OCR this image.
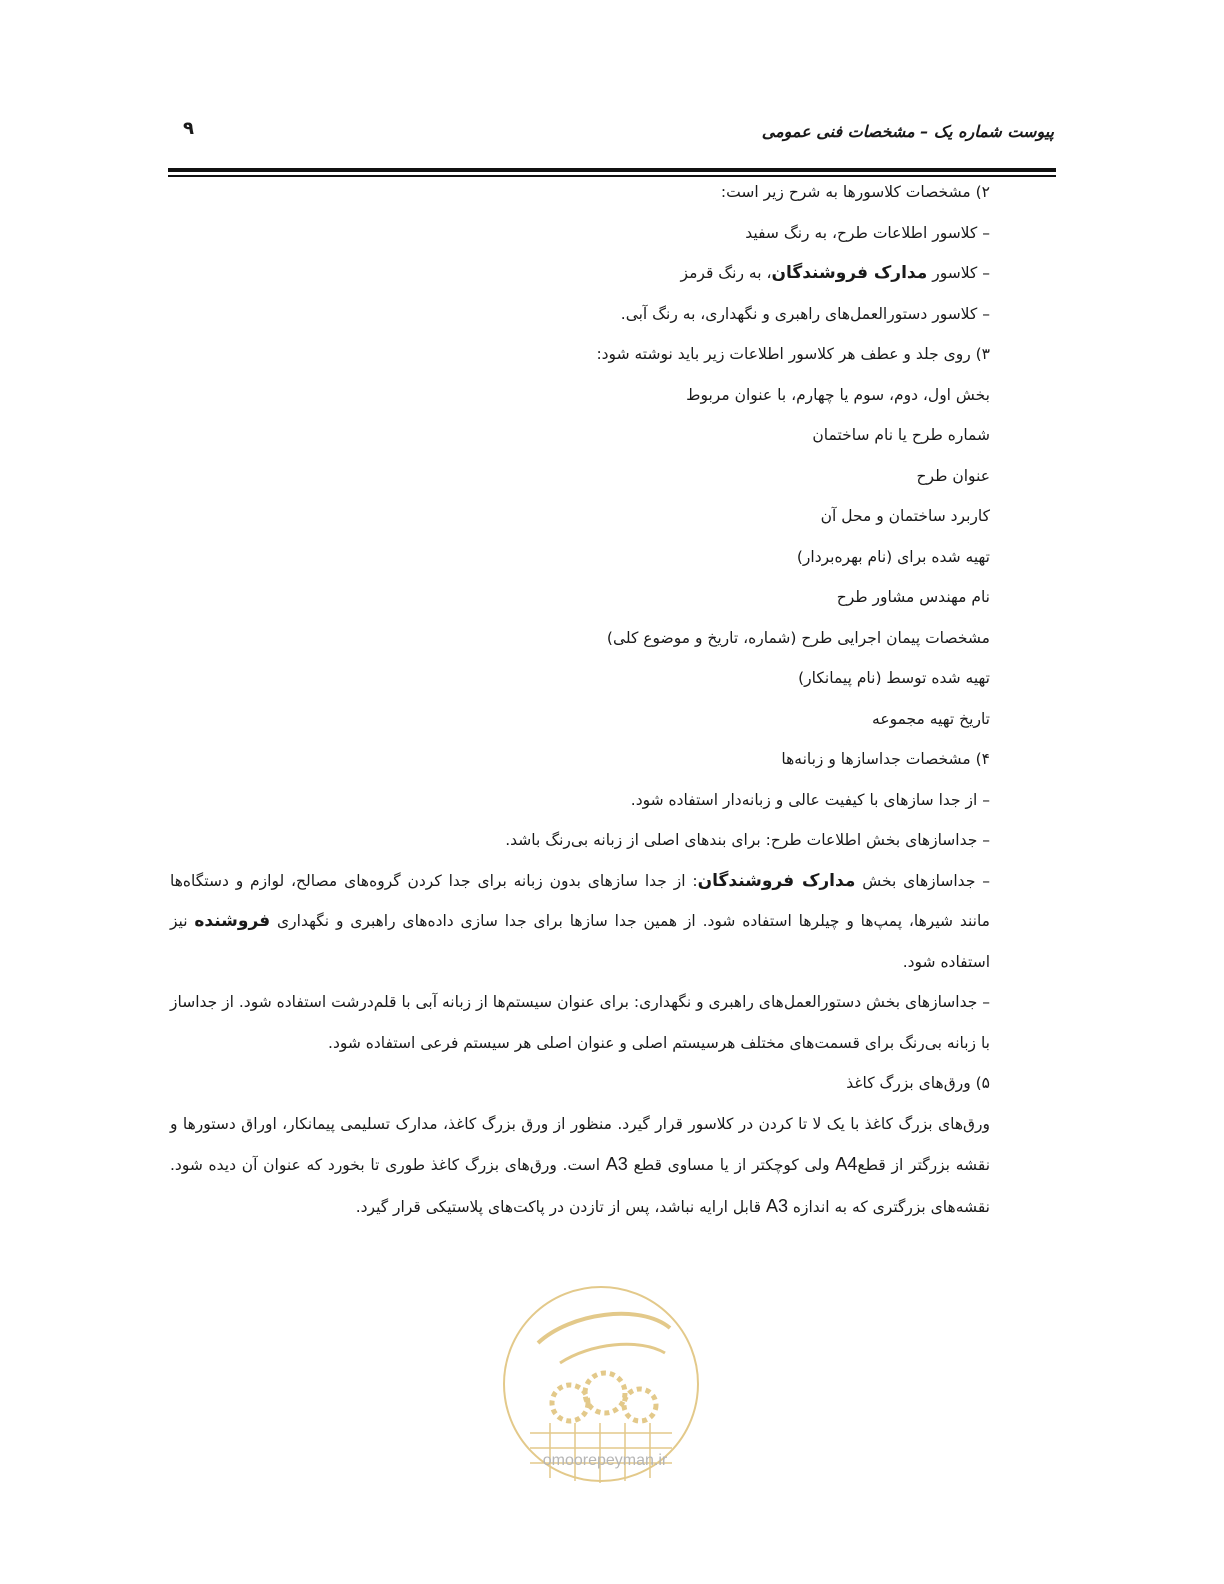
پیوست شماره یک – مشخصات فنی عمومی
۹

۲) مشخصات کلاسورها به شرح زیر است:

– کلاسور اطلاعات طرح، به رنگ سفید

– کلاسور مدارک فروشندگان، به رنگ قرمز

– کلاسور دستورالعمل‌های راهبری و نگهداری، به رنگ آبی.

۳) روی جلد و عطف هر کلاسور اطلاعات زیر باید نوشته شود:

بخش اول، دوم، سوم یا چهارم، با عنوان مربوط

شماره طرح یا نام ساختمان

عنوان طرح

کاربرد ساختمان و محل آن

تهیه شده برای (نام بهره‌بردار)

نام مهندس مشاور طرح

مشخصات پیمان اجرایی طرح (شماره، تاریخ و موضوع کلی)

تهیه شده توسط (نام پیمانکار)

تاریخ تهیه مجموعه

۴) مشخصات جداسازها و زبانه‌ها

– از جدا سازهای با کیفیت عالی و زبانه‌دار استفاده شود.

– جداسازهای بخش اطلاعات طرح: برای بندهای اصلی از زبانه بی‌رنگ باشد.

– جداسازهای بخش مدارک فروشندگان: از جدا سازهای بدون زبانه برای جدا کردن گروه‌های مصالح، لوازم و دستگاه‌ها مانند شیرها، پمپ‌ها و چیلرها استفاده شود. از همین جدا سازها برای جدا سازی داده‌های راهبری و نگهداری فروشنده نیز استفاده شود.

– جداسازهای بخش دستورالعمل‌های راهبری و نگهداری: برای عنوان سیستم‌ها از زبانه آبی با قلم‌درشت استفاده شود. از جداساز با زبانه بی‌رنگ برای قسمت‌های مختلف هرسیستم اصلی و عنوان اصلی هر سیستم فرعی استفاده شود.

۵) ورق‌های بزرگ کاغذ

ورق‌های بزرگ کاغذ با یک لا تا کردن در کلاسور قرار گیرد. منظور از ورق بزرگ کاغذ، مدارک تسلیمی پیمانکار، اوراق دستورها و نقشه بزرگتر از قطعA4 ولی کوچکتر از یا مساوی قطع A3 است. ورق‌های بزرگ کاغذ طوری تا بخورد که عنوان آن دیده شود. نقشه‌های بزرگتری که به اندازه A3 قابل ارایه نباشد، پس از تازدن در پاکت‌های پلاستیکی قرار گیرد.

omoorepeyman.ir
